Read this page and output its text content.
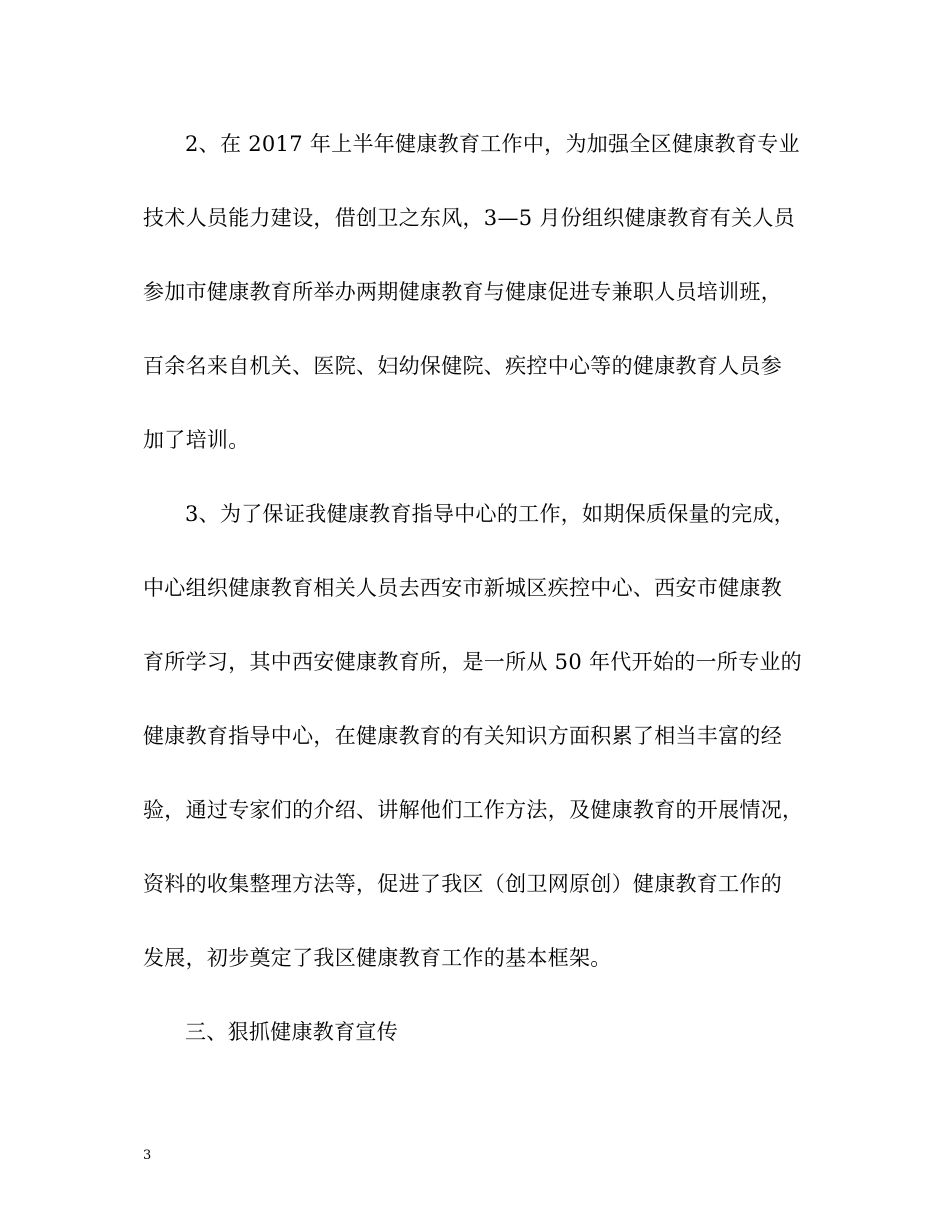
2、在 2017 年上半年健康教育工作中，为加强全区健康教育专业
技术人员能力建设，借创卫之东风，3—5 月份组织健康教育有关人员
参加市健康教育所举办两期健康教育与健康促进专兼职人员培训班，
百余名来自机关、医院、妇幼保健院、疾控中心等的健康教育人员参
加了培训。
3、为了保证我健康教育指导中心的工作，如期保质保量的完成，
中心组织健康教育相关人员去西安市新城区疾控中心、西安市健康教
育所学习，其中西安健康教育所，是一所从 50 年代开始的一所专业的
健康教育指导中心，在健康教育的有关知识方面积累了相当丰富的经
验，通过专家们的介绍、讲解他们工作方法，及健康教育的开展情况，
资料的收集整理方法等，促进了我区（创卫网原创）健康教育工作的
发展，初步奠定了我区健康教育工作的基本框架。
三、狠抓健康教育宣传
3
